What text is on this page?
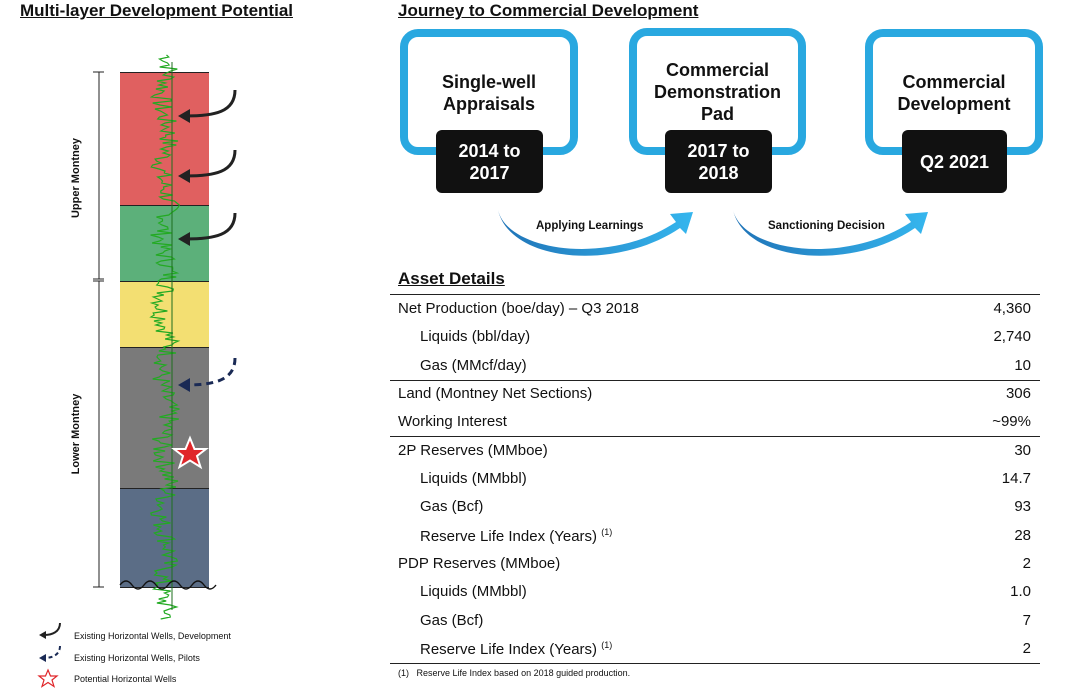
Multi-layer Development Potential
Upper Montney
Lower Montney
Existing Horizontal Wells, Development
Existing Horizontal Wells, Pilots
Potential Horizontal Wells
Journey to Commercial Development
Single-well Appraisals
2014 to 2017
Commercial Demonstration Pad
2017 to 2018
Commercial Development
Q2 2021
Applying Learnings	Sanctioning Decision
Asset Details
Net Production (boe/day) – Q3 2018	4,360
Liquids (bbl/day)	2,740
Gas (MMcf/day)	10
Land (Montney Net Sections)	306
Working Interest	~99%
2P Reserves (MMboe)	30
Liquids (MMbbl)	14.7
Gas (Bcf)	93
Reserve Life Index (Years) $^{(1)}$	28
PDP Reserves (MMboe)	2
Liquids (MMbbl)	1.0
Gas (Bcf)	7
Reserve Life Index (Years) $^{(1)}$	2
(1) Reserve Life Index based on 2018 guided production.
